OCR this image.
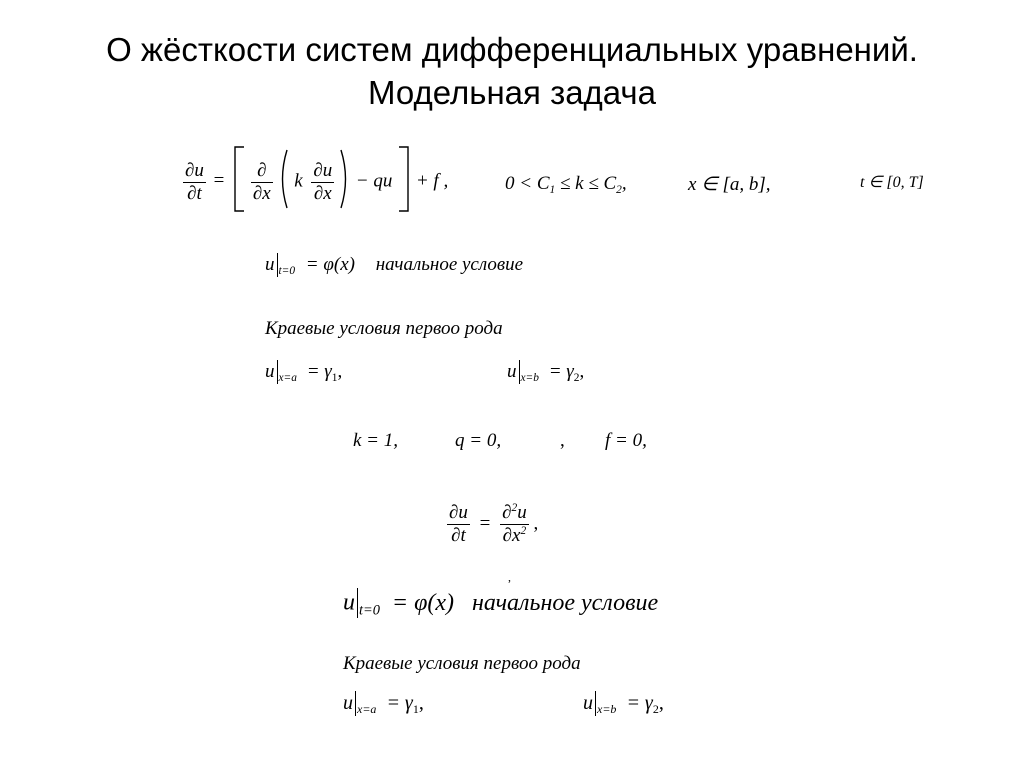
О жёсткости систем дифференциальных уравнений.
Модельная задача
$\frac{\partial u}{\partial t} = \frac{\partial}{\partial x}$ k $\frac{\partial u}{\partial x}$ − qu + f ,	$0 < C_1 \le k \le C_2$,	x ∈ [a, b],	t ∈ [0, T]
u $_{t=0}$ = φ(x) начальное условие
Краевые условия первоо рода
u $_{x=a} = \gamma_1$,	u $_{x=b} = \gamma_2$,
k = 1,	q = 0,	, f = 0,
$\frac{\partial u}{\partial t} = \frac{\partial^2u}{\partial x^2}$ ,
,
u $_{t=0}$ = φ(x) начальное условие
Краевые условия первоо рода
u $_{x=a} = \gamma_1$,	u $_{x=b} = \gamma_2$,
